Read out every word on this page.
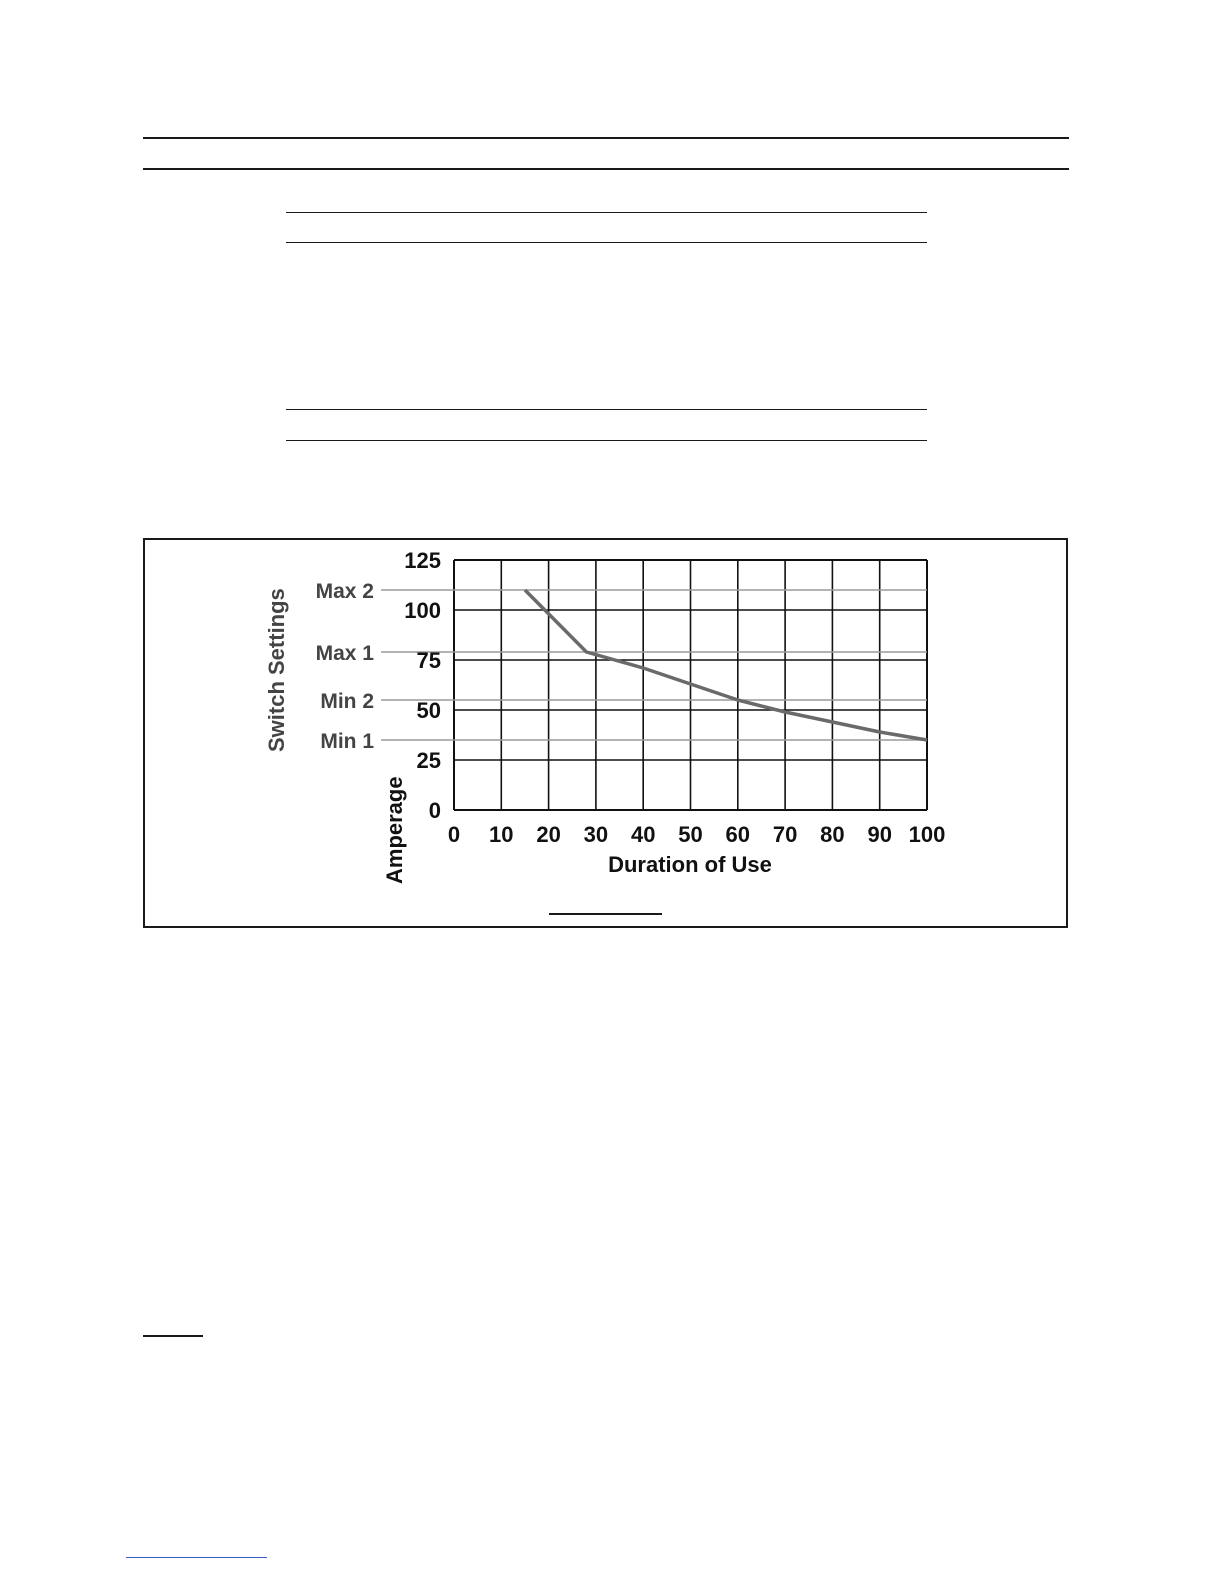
Max 2
Max 1
Min 2
Min 1
0 10 20 30 40 50 60 70 80 90 100
0
25
50
75
100
125
Amperage
Switch Settings
Duration of Use
